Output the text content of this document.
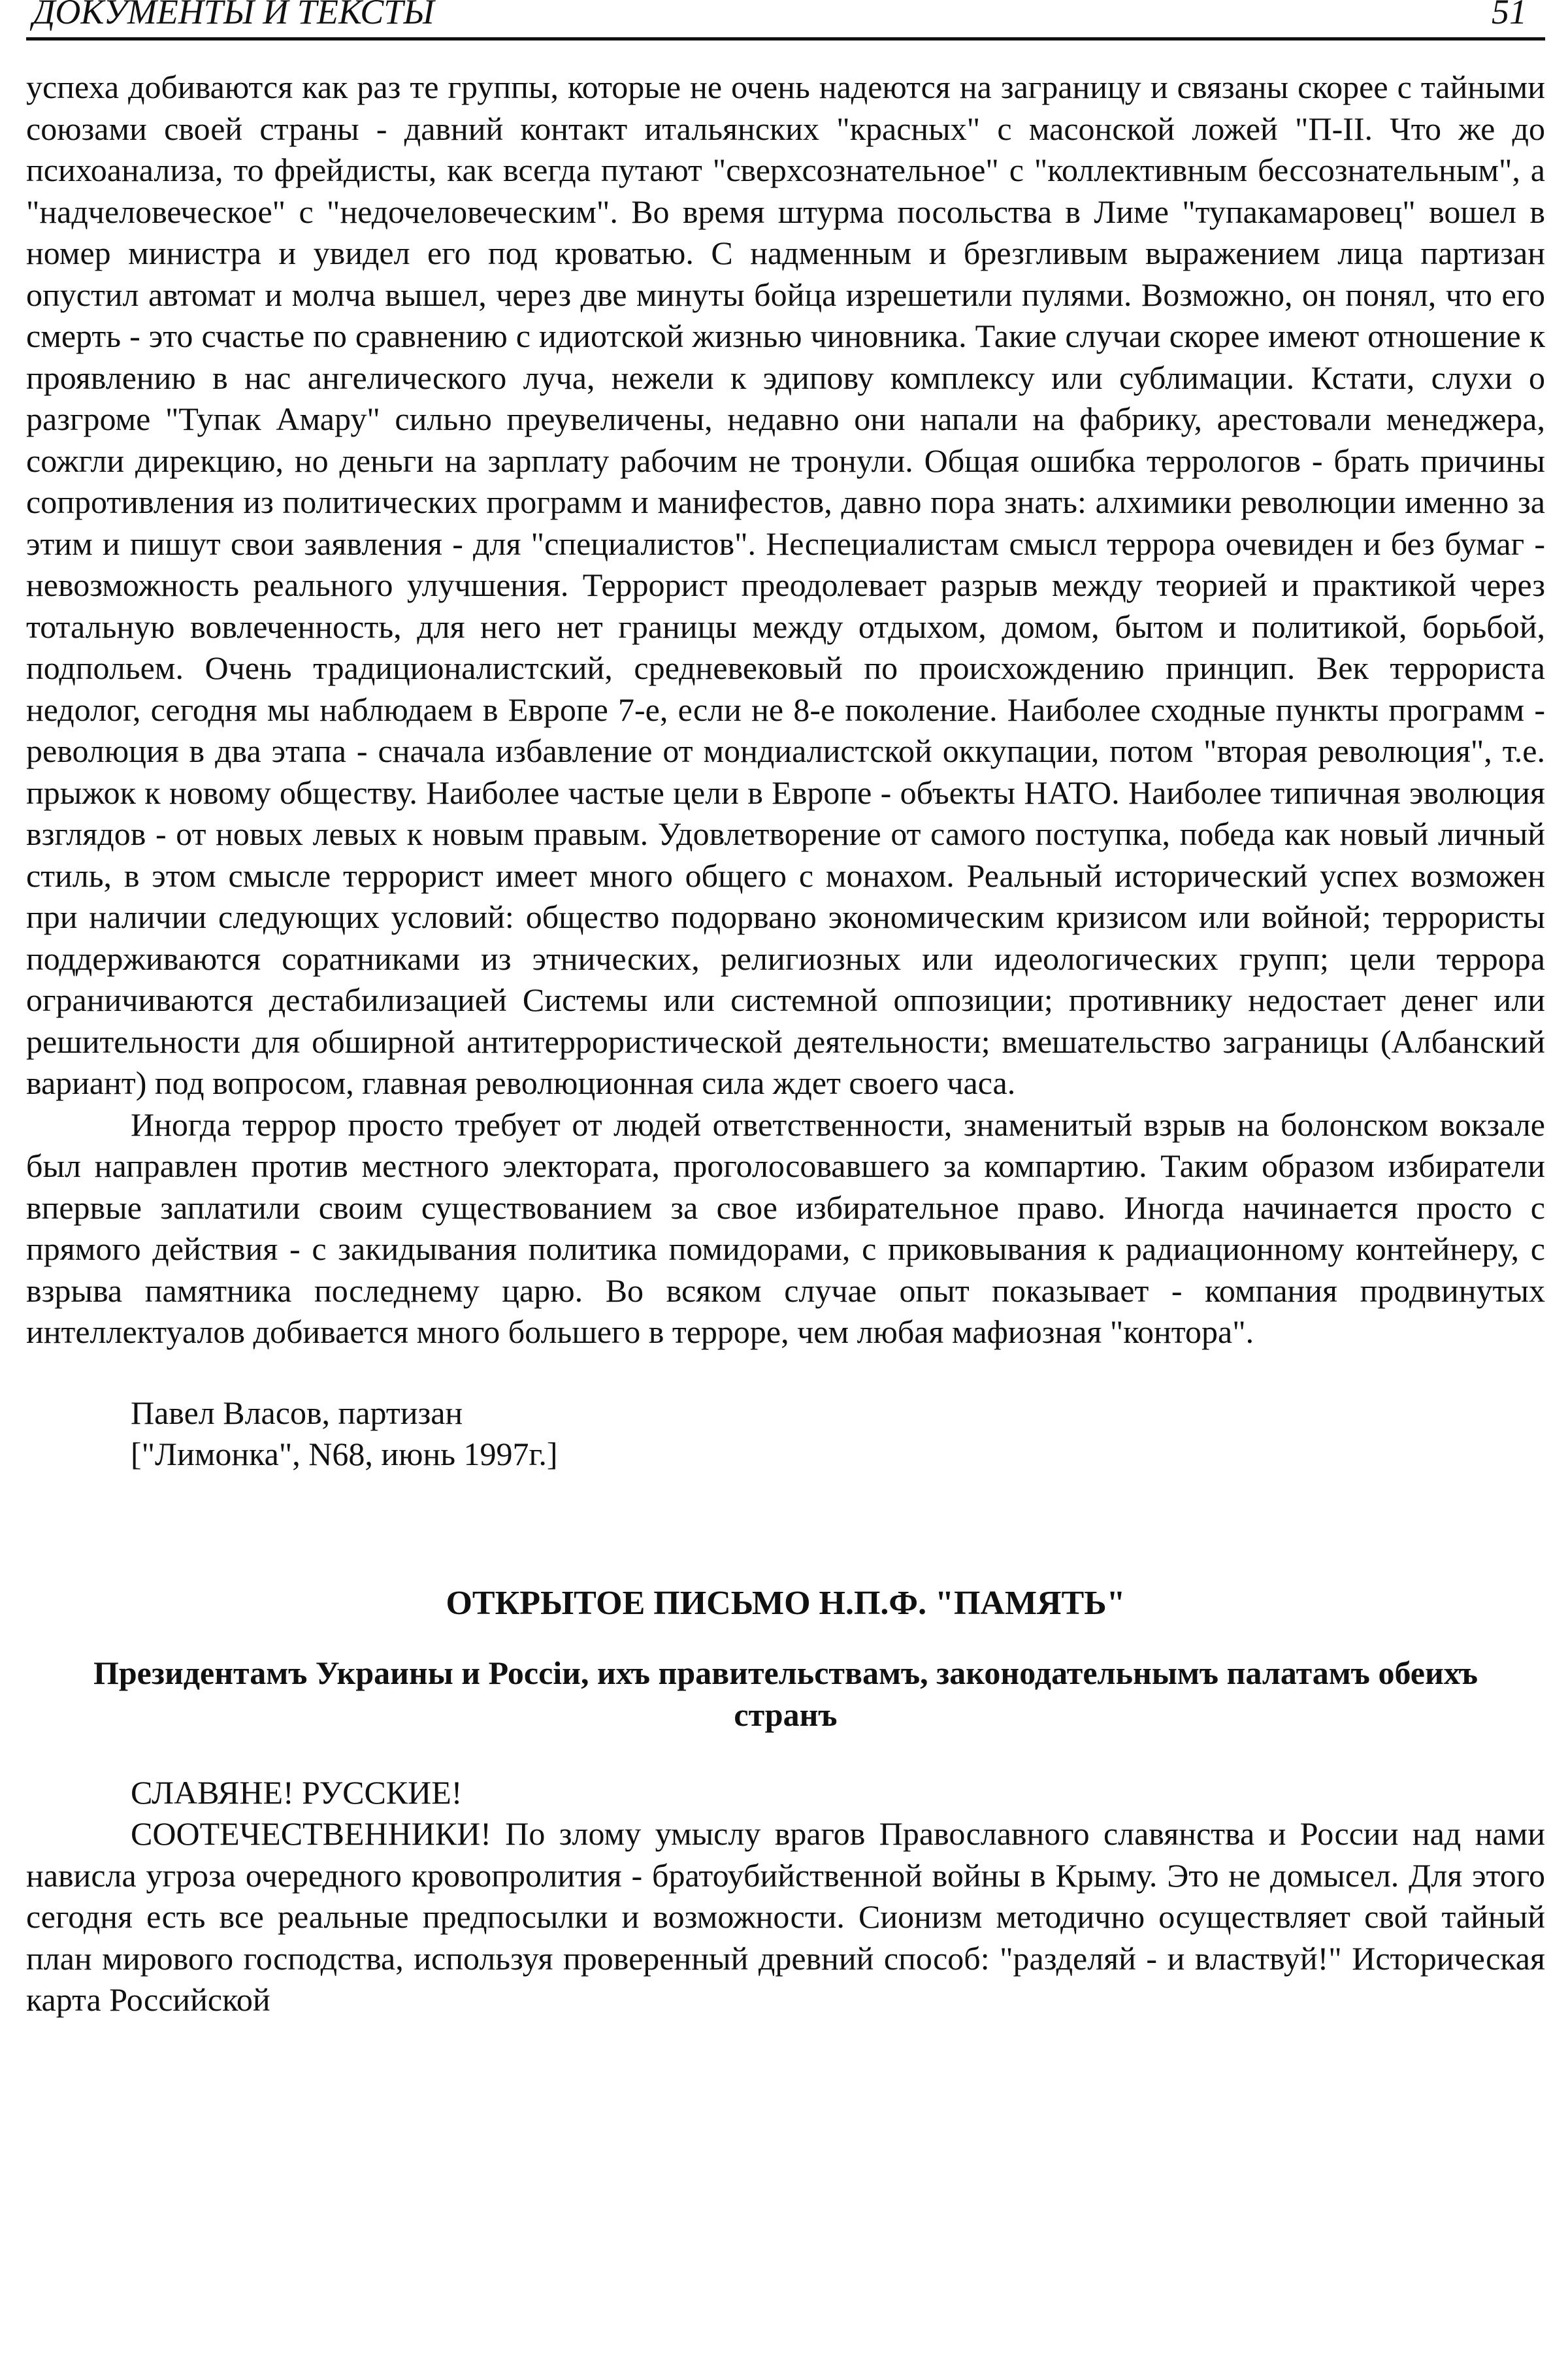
ДОКУМЕНТЫ И ТЕКСТЫ	51

успеха добиваются как раз те группы, которые не очень надеются на заграницу и связаны скорее с тайными союзами своей страны - давний контакт итальянских "красных" с масонской ложей "П-II. Что же до психоанализа, то фрейдисты, как всегда путают "сверхсознательное" с "коллективным бессознательным", а "надчеловеческое" с "недочеловеческим". Во время штурма посольства в Лиме "тупакамаровец" вошел в номер министра и увидел его под кроватью. С надменным и брезгливым выражением лица партизан опустил автомат и молча вышел, через две минуты бойца изрешетили пулями. Возможно, он понял, что его смерть - это счастье по сравнению с идиотской жизнью чиновника. Такие случаи скорее имеют отношение к проявлению в нас ангелического луча, нежели к эдипову комплексу или сублимации. Кстати, слухи о разгроме "Тупак Амару" сильно преувеличены, недавно они напали на фабрику, арестовали менеджера, сожгли дирекцию, но деньги на зарплату рабочим не тронули. Общая ошибка террологов - брать причины сопротивления из политических программ и манифестов, давно пора знать: алхимики революции именно за этим и пишут свои заявления - для "специалистов". Неспециалистам смысл террора очевиден и без бумаг - невозможность реального улучшения. Террорист преодолевает разрыв между теорией и практикой через тотальную вовлеченность, для него нет границы между отдыхом, домом, бытом и политикой, борьбой, подпольем. Очень традиционалистский, средневековый по происхождению принцип. Век террориста недолог, сегодня мы наблюдаем в Европе 7-е, если не 8-е поколение. Наиболее сходные пункты программ - революция в два этапа - сначала избавление от мондиалистской оккупации, потом "вторая революция", т.е. прыжок к новому обществу. Наиболее частые цели в Европе - объекты НАТО. Наиболее типичная эволюция взглядов - от новых левых к новым правым. Удовлетворение от самого поступка, победа как новый личный стиль, в этом смысле террорист имеет много общего с монахом. Реальный исторический успех возможен при наличии следующих условий: общество подорвано экономическим кризисом или войной; террористы поддерживаются соратниками из этнических, религиозных или идеологических групп; цели террора ограничиваются дестабилизацией Системы или системной оппозиции; противнику недостает денег или решительности для обширной антитеррористической деятельности; вмешательство заграницы (Албанский вариант) под вопросом, главная революционная сила ждет своего часа.

Иногда террор просто требует от людей ответственности, знаменитый взрыв на болонском вокзале был направлен против местного электората, проголосовавшего за компартию. Таким образом избиратели впервые заплатили своим существованием за свое избирательное право. Иногда начинается просто с прямого действия - с закидывания политика помидорами, с приковывания к радиационному контейнеру, с взрыва памятника последнему царю. Во всяком случае опыт показывает - компания продвинутых интеллектуалов добивается много большего в терроре, чем любая мафиозная "контора".

Павел Власов, партизан
["Лимонка", N68, июнь 1997г.]
ОТКРЫТОЕ ПИСЬМО Н.П.Ф. "ПАМЯТЬ"
Президентамъ Украины и Россiи, ихъ правительствамъ, законодательнымъ палатамъ обеихъ странъ

СЛАВЯНЕ! РУССКИЕ!

СООТЕЧЕСТВЕННИКИ! По злому умыслу врагов Православного славянства и России над нами нависла угроза очередного кровопролития - братоубийственной войны в Крыму. Это не домысел. Для этого сегодня есть все реальные предпосылки и возможности. Сионизм методично осуществляет свой тайный план мирового господства, используя проверенный древний способ: "разделяй - и властвуй!" Историческая карта Российской
